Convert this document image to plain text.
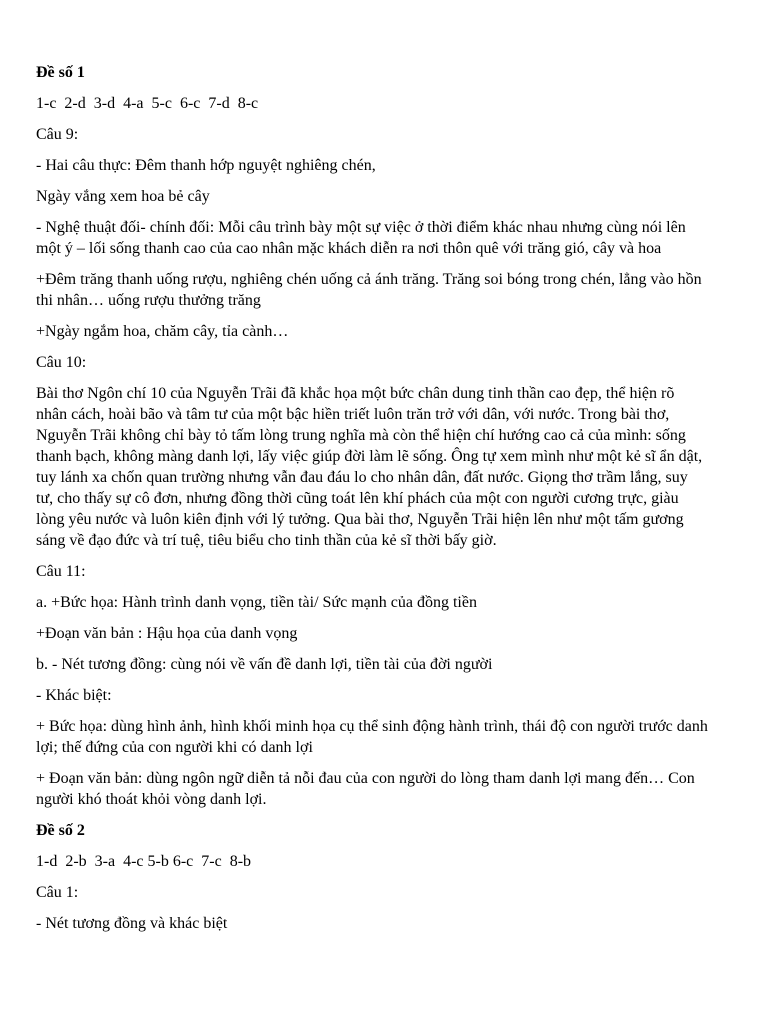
Đề số 1

1-c  2-d  3-d  4-a  5-c  6-c  7-d  8-c

Câu 9:

- Hai câu thực: Đêm thanh hớp nguyệt nghiêng chén,

Ngày vắng xem hoa bẻ cây

- Nghệ thuật đối- chính đối: Mỗi câu trình bày một sự việc ở thời điểm khác nhau nhưng cùng nói lên một ý – lối sống thanh cao của cao nhân mặc khách diễn ra nơi thôn quê với trăng gió, cây và hoa

+Đêm trăng thanh uống rượu, nghiêng chén uống cả ánh trăng. Trăng soi bóng trong chén, lẳng vào hồn thi nhân… uống rượu thưởng trăng

+Ngày ngắm hoa, chăm cây, tỉa cành…

Câu 10:

Bài thơ Ngôn chí 10 của Nguyễn Trãi đã khắc họa một bức chân dung tinh thần cao đẹp, thể hiện rõ nhân cách, hoài bão và tâm tư của một bậc hiền triết luôn trăn trở với dân, với nước. Trong bài thơ, Nguyễn Trãi không chỉ bày tỏ tấm lòng trung nghĩa mà còn thể hiện chí hướng cao cả của mình: sống thanh bạch, không màng danh lợi, lấy việc giúp đời làm lẽ sống. Ông tự xem mình như một kẻ sĩ ẩn dật, tuy lánh xa chốn quan trường nhưng vẫn đau đáu lo cho nhân dân, đất nước. Giọng thơ trầm lắng, suy tư, cho thấy sự cô đơn, nhưng đồng thời cũng toát lên khí phách của một con người cương trực, giàu lòng yêu nước và luôn kiên định với lý tưởng. Qua bài thơ, Nguyễn Trãi hiện lên như một tấm gương sáng về đạo đức và trí tuệ, tiêu biểu cho tinh thần của kẻ sĩ thời bấy giờ.

Câu 11:

a. +Bức họa: Hành trình danh vọng, tiền tài/ Sức mạnh của đồng tiền

+Đoạn văn bản : Hậu họa của danh vọng

b. - Nét tương đồng: cùng nói về vấn đề danh lợi, tiền tài của đời người

- Khác biệt:

+ Bức họa: dùng hình ảnh, hình khối minh họa cụ thể sinh động hành trình, thái độ con người trước danh lợi; thế đứng của con người khi có danh lợi

+ Đoạn văn bản: dùng ngôn ngữ diễn tả nỗi đau của con người do lòng tham danh lợi mang đến… Con người khó thoát khỏi vòng danh lợi.

Đề số 2

1-d  2-b  3-a  4-c 5-b 6-c  7-c  8-b

Câu 1:

- Nét tương đồng và khác biệt
